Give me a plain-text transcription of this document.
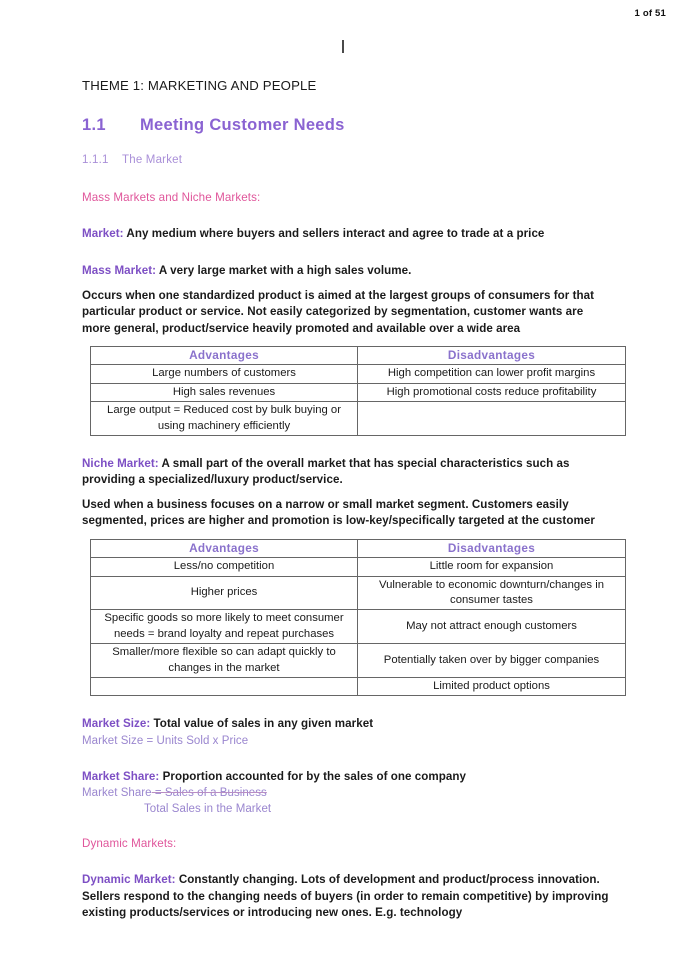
1 of 51
THEME 1: MARKETING AND PEOPLE
1.1	Meeting Customer Needs
1.1.1	The Market
Mass Markets and Niche Markets:

Market: Any medium where buyers and sellers interact and agree to trade at a price

Mass Market: A very large market with a high sales volume.

Occurs when one standardized product is aimed at the largest groups of consumers for that particular product or service. Not easily categorized by segmentation, customer wants are more general, product/service heavily promoted and available over a wide area

Advantages	Disadvantages
Large numbers of customers	High competition can lower profit margins
High sales revenues	High promotional costs reduce profitability
Large output = Reduced cost by bulk buying or using machinery efficiently	

Niche Market: A small part of the overall market that has special characteristics such as providing a specialized/luxury product/service.

Used when a business focuses on a narrow or small market segment. Customers easily segmented, prices are higher and promotion is low-key/specifically targeted at the customer

Advantages	Disadvantages
Less/no competition	Little room for expansion
Higher prices	Vulnerable to economic downturn/changes in consumer tastes
Specific goods so more likely to meet consumer needs = brand loyalty and repeat purchases	May not attract enough customers
Smaller/more flexible so can adapt quickly to changes in the market	Potentially taken over by bigger companies
	Limited product options

Market Size: Total value of sales in any given market

Market Size = Units Sold x Price

Market Share: Proportion accounted for by the sales of one company

Market Share = Sales of a Business
Total Sales in the Market
Dynamic Markets:

Dynamic Market: Constantly changing. Lots of development and product/process innovation. Sellers respond to the changing needs of buyers (in order to remain competitive) by improving existing products/services or introducing new ones. E.g. technology
